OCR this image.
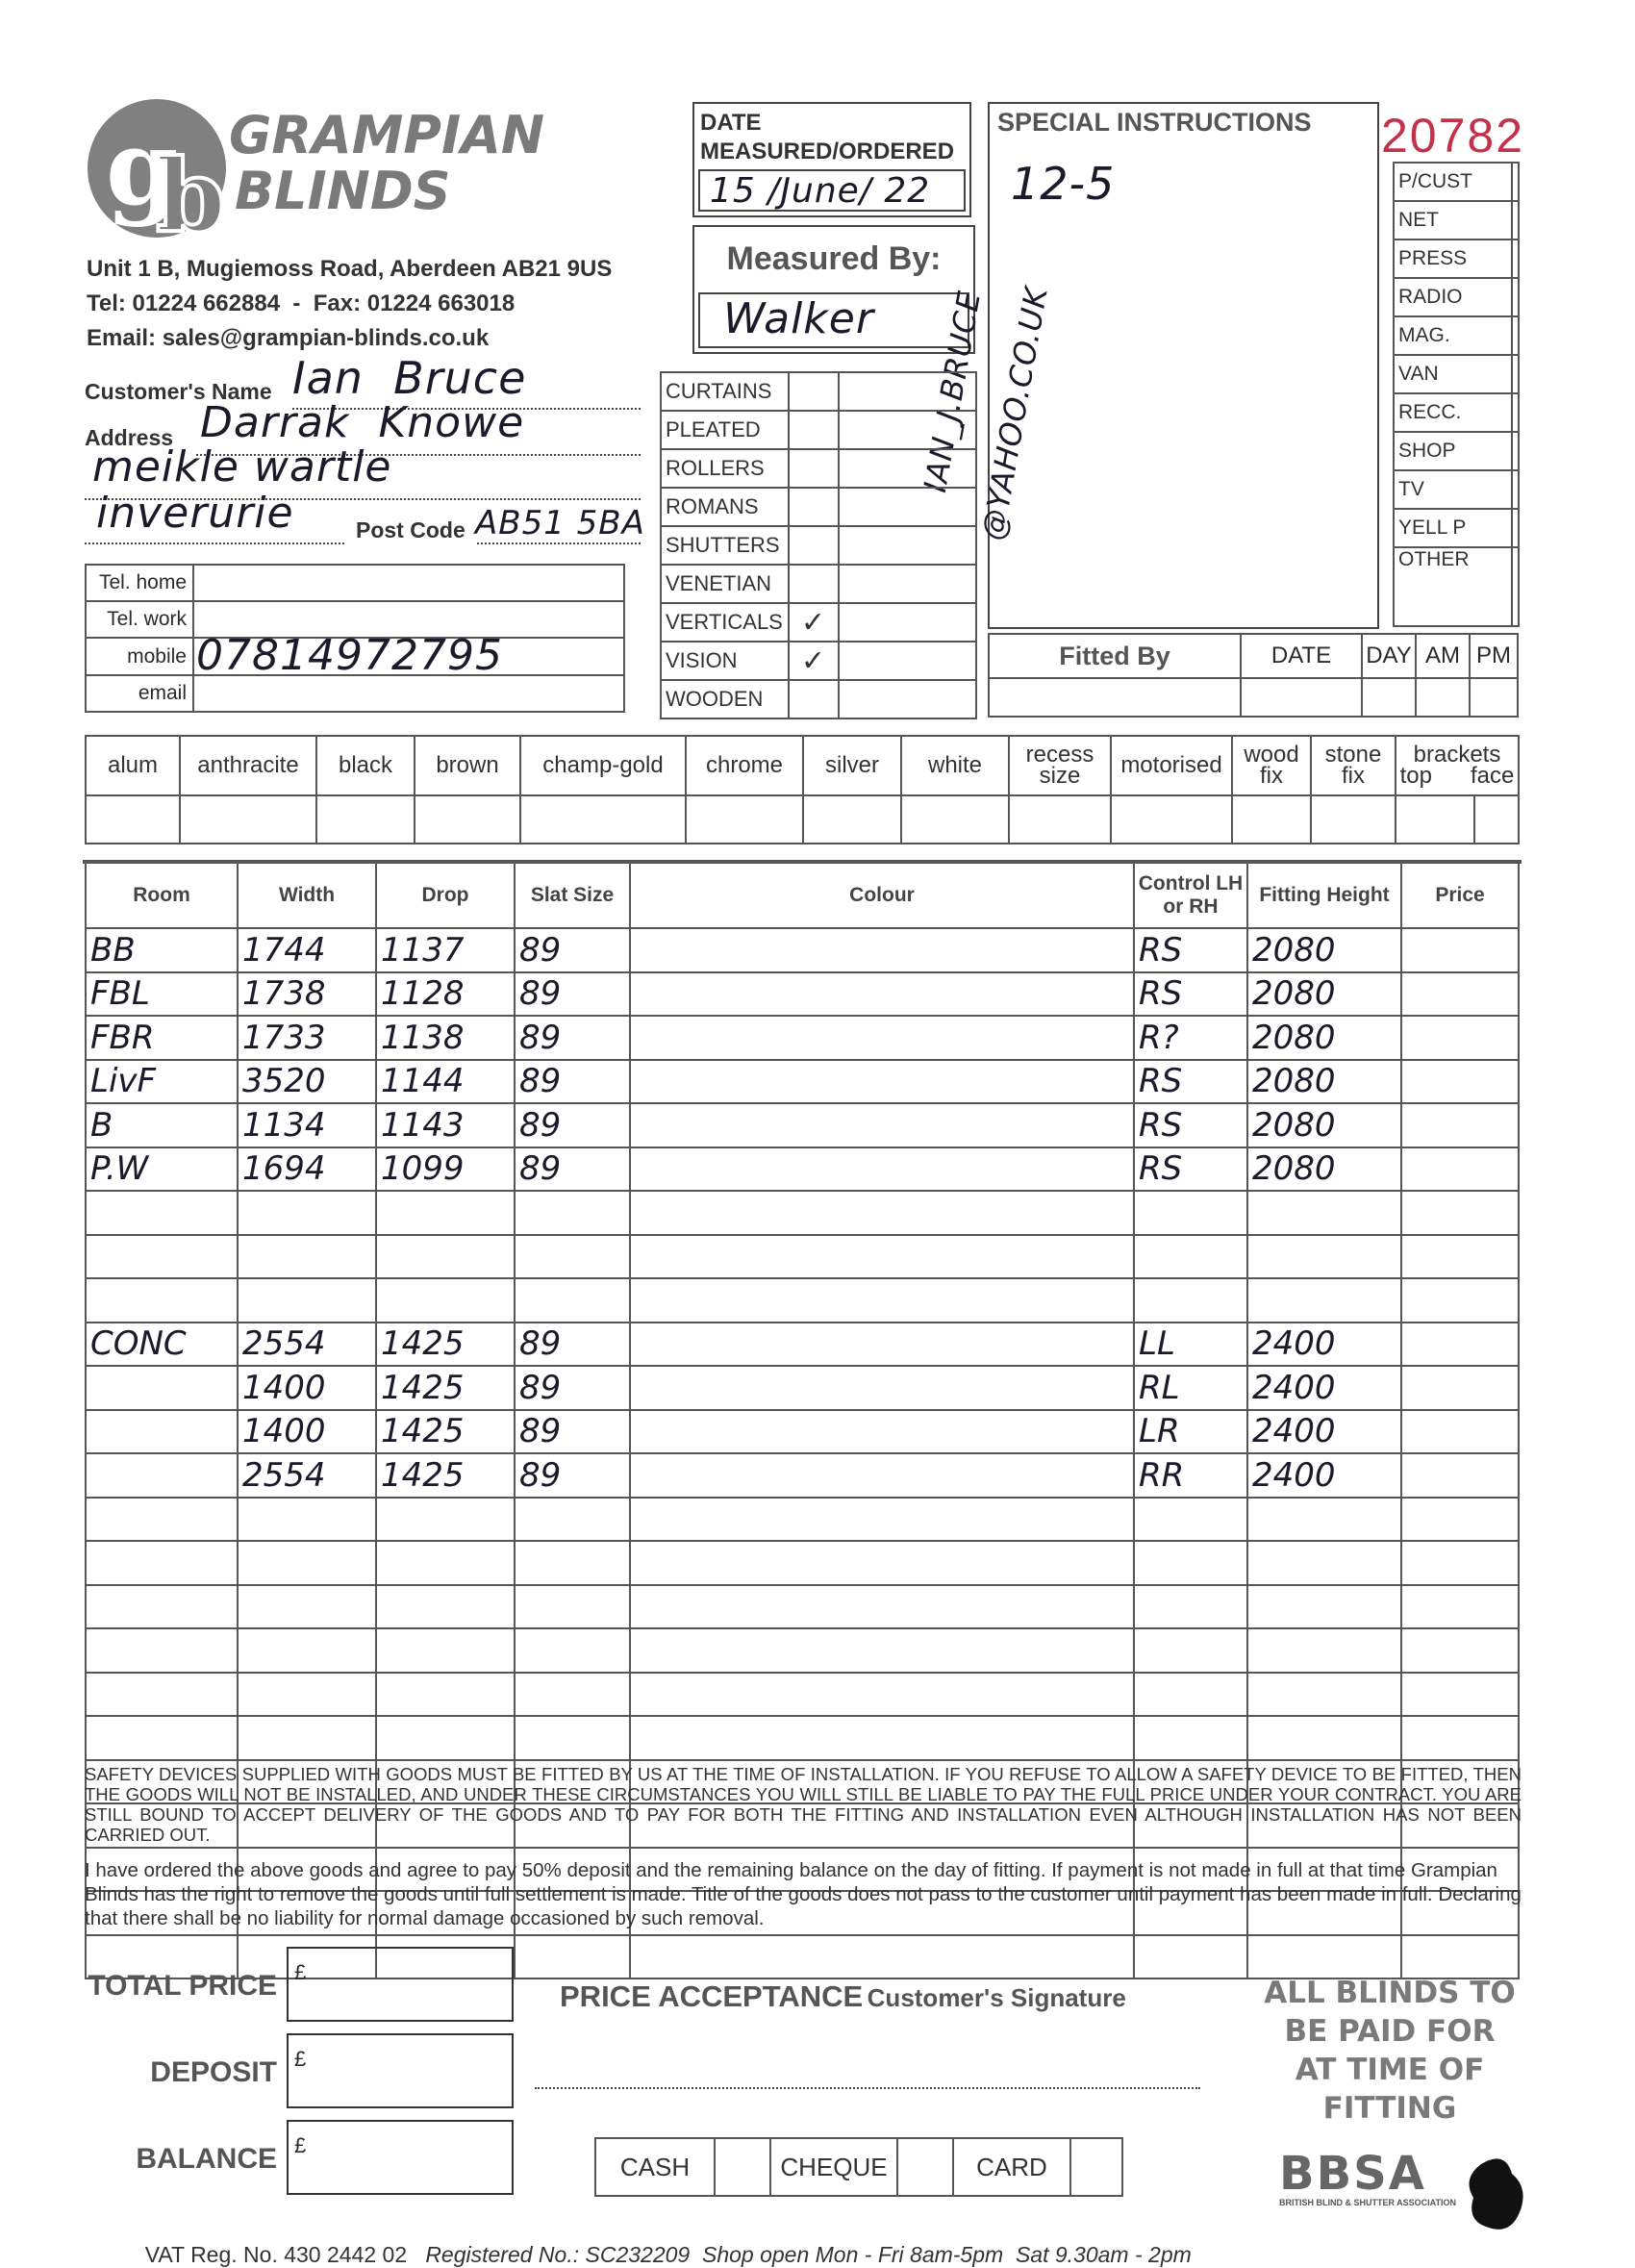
g
b
GRAMPIAN
BLINDS
Unit 1 B, Mugiemoss Road, Aberdeen AB21 9US
Tel: 01224 662884  -  Fax: 01224 663018
Email: sales@grampian-blinds.co.uk
DATE
MEASURED/ORDERED
15 /June/ 22
Measured By:
Walker
SPECIAL INSTRUCTIONS
12-5
IAN_J.BRUCE
@YAHOO.CO.UK
20782
P/CUST	
NET	
PRESS	
RADIO	
MAG.	
VAN	
RECC.	
SHOP	
TV	
YELL P	
OTHER	
Customer's Name Ian  Bruce
Address Darrak  Knowe
meikle wartle
inverurie	Post Code AB51 5BA
Tel. home	
Tel. work	
mobile	07814972795
email	
CURTAINS		
PLEATED		
ROLLERS		
ROMANS		
SHUTTERS		
VENETIAN		
VERTICALS	✓	
VISION	✓	
WOODEN		
Fitted By	DATE	DAY	AM	PM

alum	anthracite	black	brown	champ-gold	chrome	silver	white	recess size	motorised	wood fix	stone fix	brackets
top face	

Room	Width	Drop	Slat Size	Colour	Control LH or RH	Fitting Height	Price
BB	1744	1137	89		RS	2080	
FBL	1738	1128	89		RS	2080	
FBR	1733	1138	89		R?	2080	
LivF	3520	1144	89		RS	2080	
B	1134	1143	89		RS	2080	
P.W	1694	1099	89		RS	2080	

CONC	2554	1425	89		LL	2400	
	1400	1425	89		RL	2400	
	1400	1425	89		LR	2400	
	2554	1425	89		RR	2400	

SAFETY DEVICES SUPPLIED WITH GOODS MUST BE FITTED BY US AT THE TIME OF INSTALLATION. IF YOU REFUSE TO ALLOW A SAFETY DEVICE TO BE FITTED, THEN THE GOODS WILL NOT BE INSTALLED, AND UNDER THESE CIRCUMSTANCES YOU WILL STILL BE LIABLE TO PAY THE FULL PRICE UNDER YOUR CONTRACT. YOU ARE STILL BOUND TO ACCEPT DELIVERY OF THE GOODS AND TO PAY FOR BOTH THE FITTING AND INSTALLATION EVEN ALTHOUGH INSTALLATION HAS NOT BEEN CARRIED OUT.
I have ordered the above goods and agree to pay 50% deposit and the remaining balance on the day of fitting. If payment is not made in full at that time Grampian Blinds has the right to remove the goods until full settlement is made. Title of the goods does not pass to the customer until payment has been made in full. Declaring that there shall be no liability for normal damage occasioned by such removal.
TOTAL PRICE £
DEPOSIT £
BALANCE £
PRICE ACCEPTANCE Customer's Signature
CASH		CHEQUE		CARD	
ALL BLINDS TO
BE PAID FOR
AT TIME OF
FITTING
BBSA
BRITISH BLIND & SHUTTER ASSOCIATION

VAT Reg. No. 430 2442 02 Registered No.: SC232209  Shop open Mon - Fri 8am-5pm  Sat 9.30am - 2pm
